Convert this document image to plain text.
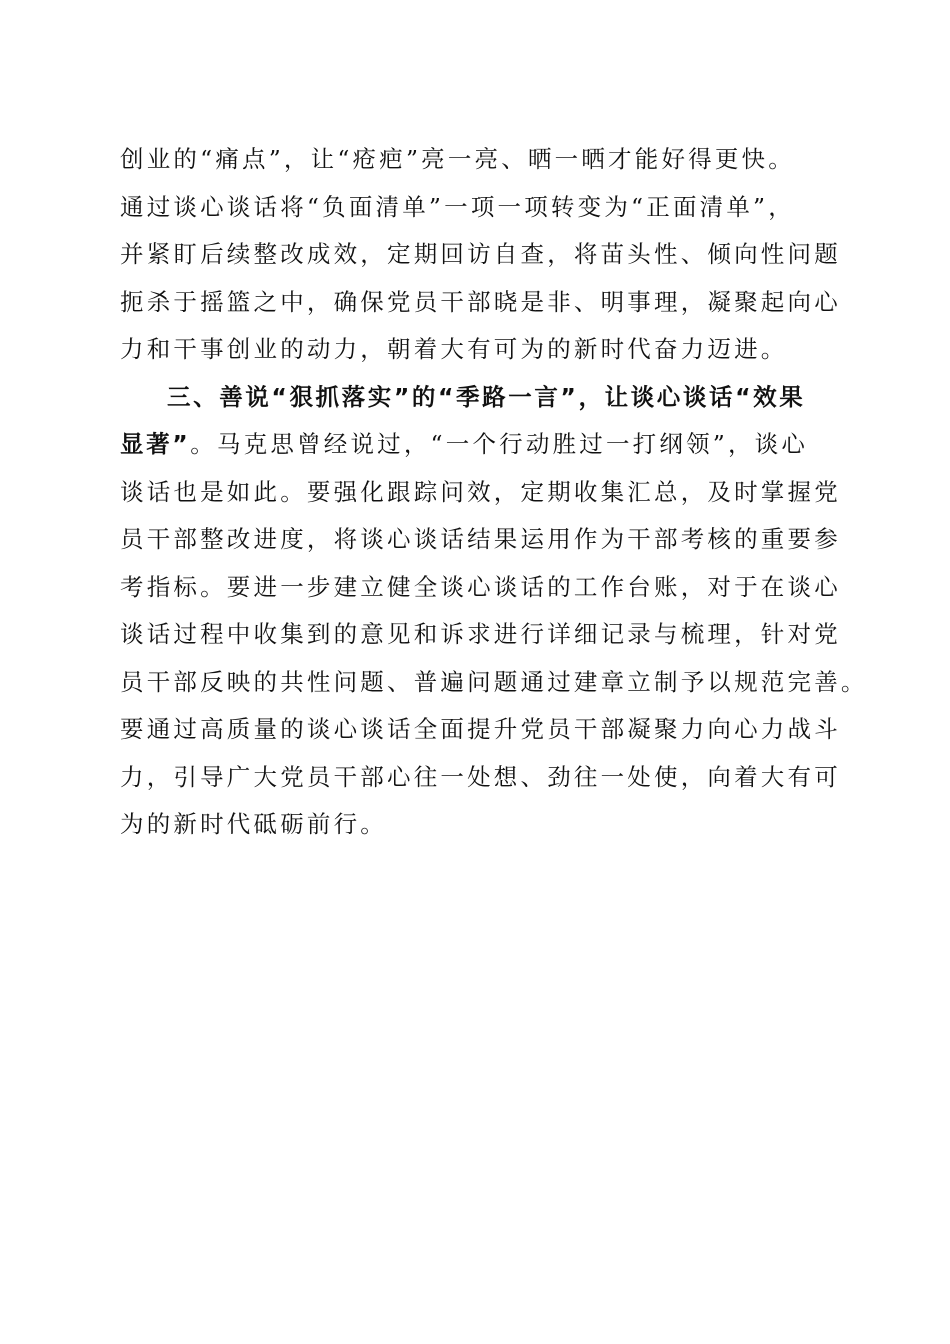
创业的“痛点”，让“疮疤”亮一亮、晒一晒才能好得更快。
通过谈心谈话将“负面清单”一项一项转变为“正面清单”，
并紧盯后续整改成效，定期回访自查，将苗头性、倾向性问题
扼杀于摇篮之中，确保党员干部晓是非、明事理，凝聚起向心
力和干事创业的动力，朝着大有可为的新时代奋力迈进。
三、善说“狠抓落实”的“季路一言”，让谈心谈话“效果
显著”。马克思曾经说过，“一个行动胜过一打纲领”，谈心
谈话也是如此。要强化跟踪问效，定期收集汇总，及时掌握党
员干部整改进度，将谈心谈话结果运用作为干部考核的重要参
考指标。要进一步建立健全谈心谈话的工作台账，对于在谈心
谈话过程中收集到的意见和诉求进行详细记录与梳理，针对党
员干部反映的共性问题、普遍问题通过建章立制予以规范完善。
要通过高质量的谈心谈话全面提升党员干部凝聚力向心力战斗
力，引导广大党员干部心往一处想、劲往一处使，向着大有可
为的新时代砥砺前行。
